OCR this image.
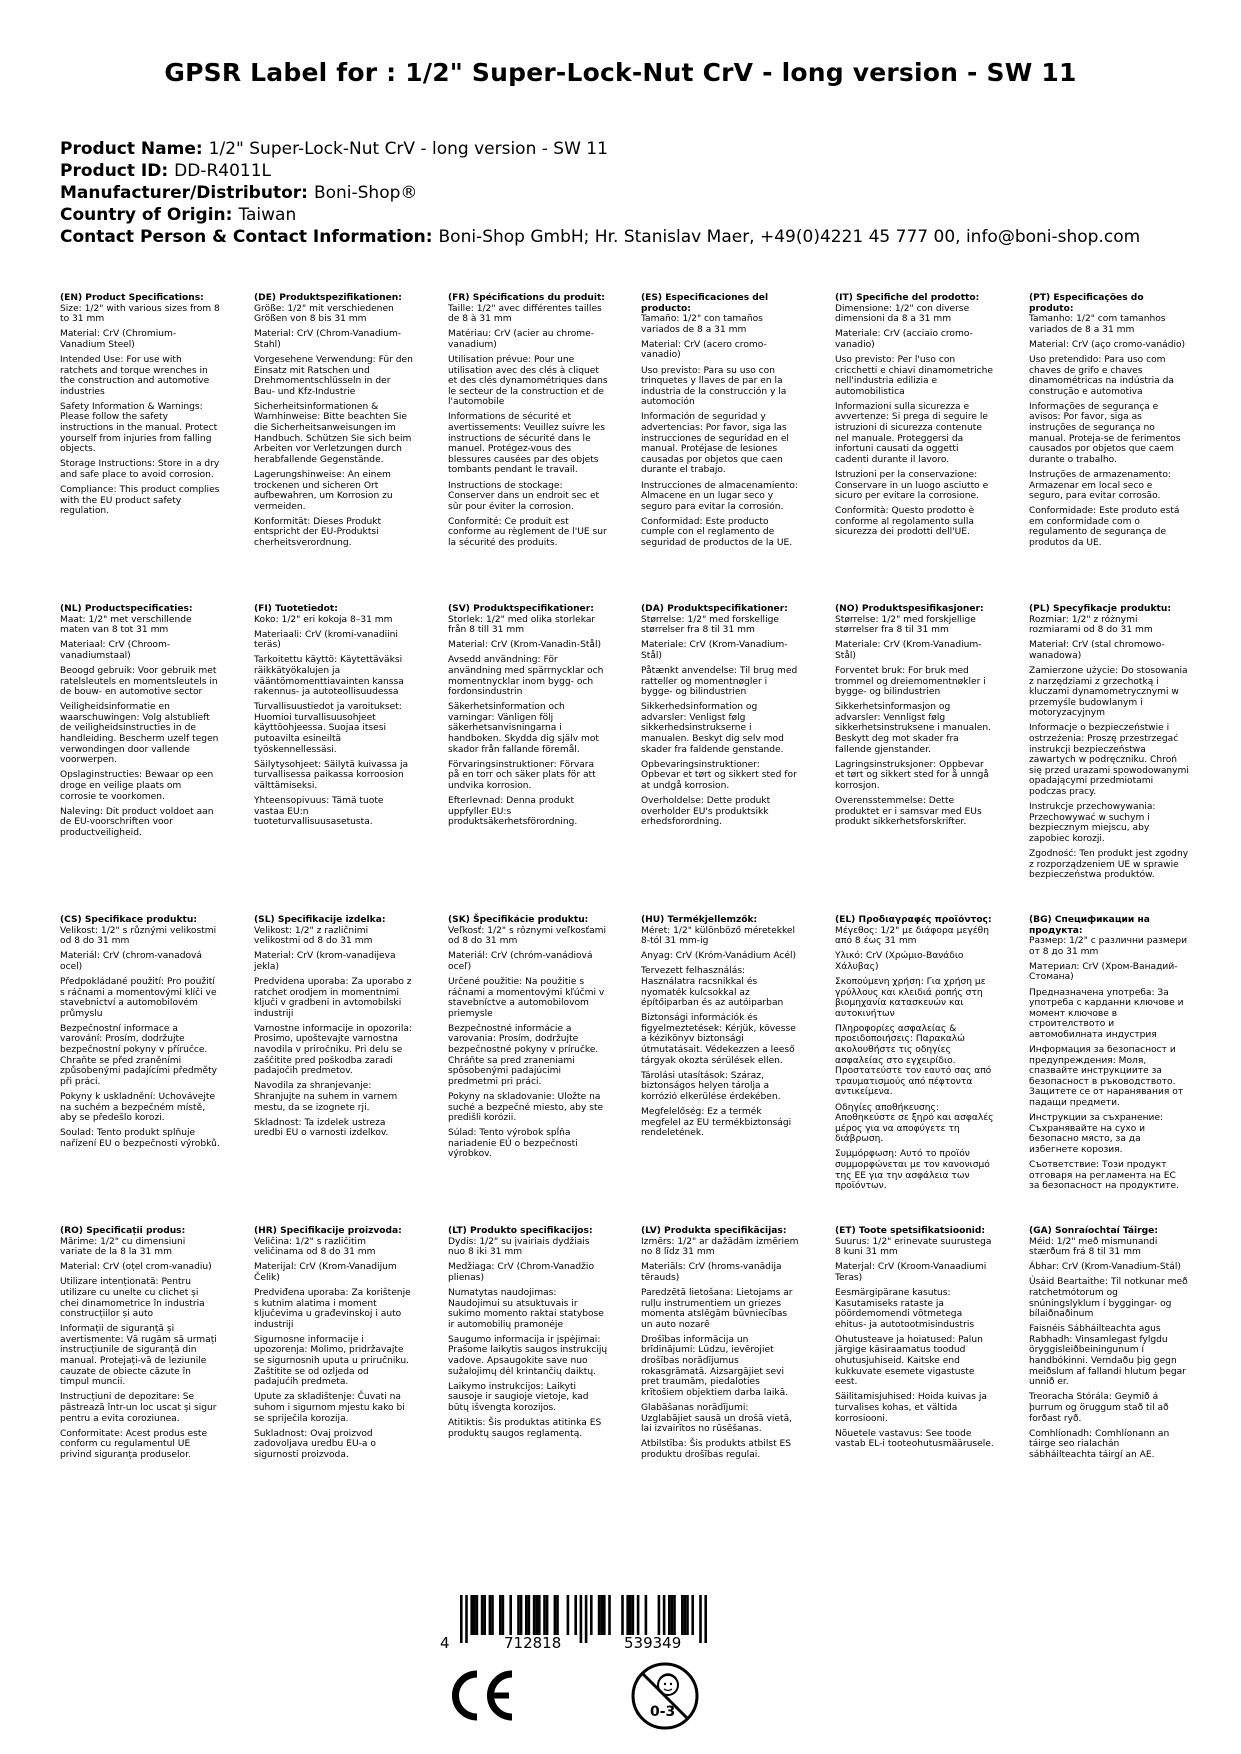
GPSR Label for : 1/2" Super-Lock-Nut CrV - long version - SW 11
Product Name: 1/2" Super-Lock-Nut CrV - long version - SW 11
Product ID: DD-R4011L
Manufacturer/Distributor: Boni-Shop®
Country of Origin: Taiwan
Contact Person & Contact Information: Boni-Shop GmbH; Hr. Stanislav Maer, +49(0)4221 45 777 00, info@boni-shop.com
(EN) Product Specifications:

Size: 1/2" with various sizes from 8 to 31 mm

Material: CrV (Chromium-Vanadium Steel)

Intended Use: For use with ratchets and torque wrenches in the construction and automotive industries

Safety Information & Warnings: Please follow the safety instructions in the manual. Protect yourself from injuries from falling objects.

Storage Instructions: Store in a dry and safe place to avoid corrosion.

Compliance: This product complies with the EU product safety regulation.

(DE) Produktspezifikationen:

Größe: 1/2" mit verschiedenen Größen von 8 bis 31 mm

Material: CrV (Chrom-Vanadium-Stahl)

Vorgesehene Verwendung: Für den Einsatz mit Ratschen und Drehmomentschlüsseln in der Bau- und Kfz-Industrie

Sicherheitsinformationen & Warnhinweise: Bitte beachten Sie die Sicherheitsanweisungen im Handbuch. Schützen Sie sich beim Arbeiten vor Verletzungen durch herabfallende Gegenstände.

Lagerungshinweise: An einem trockenen und sicheren Ort aufbewahren, um Korrosion zu vermeiden.

Konformität: Dieses Produkt entspricht der EU-Produktsi cherheitsverordnung.

(FR) Spécifications du produit:

Taille: 1/2" avec différentes tailles de 8 à 31 mm

Matériau: CrV (acier au chrome-vanadium)

Utilisation prévue: Pour une utilisation avec des clés à cliquet et des clés dynamométriques dans le secteur de la construction et de l'automobile

Informations de sécurité et avertissements: Veuillez suivre les instructions de sécurité dans le manuel. Protégez-vous des blessures causées par des objets tombants pendant le travail.

Instructions de stockage: Conserver dans un endroit sec et sûr pour éviter la corrosion.

Conformité: Ce produit est conforme au règlement de l'UE sur la sécurité des produits.

(ES) Especificaciones del producto:

Tamaño: 1/2" con tamaños variados de 8 a 31 mm

Material: CrV (acero cromo-vanadio)

Uso previsto: Para su uso con trinquetes y llaves de par en la industria de la construcción y la automoción

Información de seguridad y advertencias: Por favor, siga las instrucciones de seguridad en el manual. Protéjase de lesiones causadas por objetos que caen durante el trabajo.

Instrucciones de almacenamiento: Almacene en un lugar seco y seguro para evitar la corrosión.

Conformidad: Este producto cumple con el reglamento de seguridad de productos de la UE.

(IT) Specifiche del prodotto:

Dimensione: 1/2" con diverse dimensioni da 8 a 31 mm

Materiale: CrV (acciaio cromo-vanadio)

Uso previsto: Per l'uso con cricchetti e chiavi dinamometriche nell'industria edilizia e automobilistica

Informazioni sulla sicurezza e avvertenze: Si prega di seguire le istruzioni di sicurezza contenute nel manuale. Proteggersi da infortuni causati da oggetti cadenti durante il lavoro.

Istruzioni per la conservazione: Conservare in un luogo asciutto e sicuro per evitare la corrosione.

Conformità: Questo prodotto è conforme al regolamento sulla sicurezza dei prodotti dell'UE.

(PT) Especificações do produto:

Tamanho: 1/2" com tamanhos variados de 8 a 31 mm

Material: CrV (aço cromo-vanádio)

Uso pretendido: Para uso com chaves de grifo e chaves dinamométricas na indústria da construção e automotiva

Informações de segurança e avisos: Por favor, siga as instruções de segurança no manual. Proteja-se de ferimentos causados por objetos que caem durante o trabalho.

Instruções de armazenamento: Armazenar em local seco e seguro, para evitar corrosão.

Conformidade: Este produto está em conformidade com o regulamento de segurança de produtos da UE.

(NL) Productspecificaties:

Maat: 1/2" met verschillende maten van 8 tot 31 mm

Materiaal: CrV (Chroom-vanadiumstaal)

Beoogd gebruik: Voor gebruik met ratelsleutels en momentsleutels in de bouw- en automotive sector

Veiligheidsinformatie en waarschuwingen: Volg alstublieft de veiligheidsinstructies in de handleiding. Bescherm uzelf tegen verwondingen door vallende voorwerpen.

Opslaginstructies: Bewaar op een droge en veilige plaats om corrosie te voorkomen.

Naleving: Dit product voldoet aan de EU-voorschriften voor productveiligheid.

(FI) Tuotetiedot:

Koko: 1/2" eri kokoja 8–31 mm

Materiaali: CrV (kromi-vanadiini teräs)

Tarkoitettu käyttö: Käytettäväksi räikkätyökalujen ja vääntömomenttiavainten kanssa rakennus- ja autoteollisuudessa

Turvallisuustiedot ja varoitukset: Huomioi turvallisuusohjeet käyttöohjeessa. Suojaa itsesi putoavilta esineiltä työskennellessäsi.

Säilytysohjeet: Säilytä kuivassa ja turvallisessa paikassa korroosion välttämiseksi.

Yhteensopivuus: Tämä tuote vastaa EU:n tuoteturvallisuusasetusta.

(SV) Produktspecifikationer:

Storlek: 1/2" med olika storlekar från 8 till 31 mm

Material: CrV (Krom-Vanadin-Stål)

Avsedd användning: För användning med spärrnycklar och momentnycklar inom bygg- och fordonsindustrin

Säkerhetsinformation och varningar: Vänligen följ säkerhetsanvisningarna i handboken. Skydda dig själv mot skador från fallande föremål.

Förvaringsinstruktioner: Förvara på en torr och säker plats för att undvika korrosion.

Efterlevnad: Denna produkt uppfyller EU:s produktsäkerhetsförordning.

(DA) Produktspecifikationer:

Størrelse: 1/2" med forskellige størrelser fra 8 til 31 mm

Materiale: CrV (Krom-Vanadium-Stål)

Påtænkt anvendelse: Til brug med ratteller og momentnøgler i bygge- og bilindustrien

Sikkerhedsinformation og advarsler: Venligst følg sikkerhedsinstrukserne i manualen. Beskyt dig selv mod skader fra faldende genstande.

Opbevaringsinstruktioner: Opbevar et tørt og sikkert sted for at undgå korrosion.

Overholdelse: Dette produkt overholder EU's produktsikk erhedsforordning.

(NO) Produktspesifikasjoner:

Størrelse: 1/2" med forskjellige størrelser fra 8 til 31 mm

Materiale: CrV (Krom-Vanadium-Stål)

Forventet bruk: For bruk med trommel og dreiemomentnøkler i bygge- og bilindustrien

Sikkerhetsinformasjon og advarsler: Vennligst følg sikkerhetsinstruksene i manualen. Beskytt deg mot skader fra fallende gjenstander.

Lagringsinstruksjoner: Oppbevar et tørt og sikkert sted for å unngå korrosjon.

Overensstemmelse: Dette produktet er i samsvar med EUs produkt sikkerhetsforskrifter.

(PL) Specyfikacje produktu:

Rozmiar: 1/2" z różnymi rozmiarami od 8 do 31 mm

Materiał: CrV (stal chromowo-wanadowa)

Zamierzone użycie: Do stosowania z narzędziami z grzechotką i kluczami dynamometrycznymi w przemyśle budowlanym i motoryzacyjnym

Informacje o bezpieczeństwie i ostrzeżenia: Proszę przestrzegać instrukcji bezpieczeństwa zawartych w podręczniku. Chroń się przed urazami spowodowanymi opadającymi przedmiotami podczas pracy.

Instrukcje przechowywania: Przechowywać w suchym i bezpiecznym miejscu, aby zapobiec korozji.

Zgodność: Ten produkt jest zgodny z rozporządzeniem UE w sprawie bezpieczeństwa produktów.

(CS) Specifikace produktu:

Velikost: 1/2" s různými velikostmi od 8 do 31 mm

Materiál: CrV (chrom-vanadová ocel)

Předpokládané použití: Pro použití s ráčnami a momentovými klíči ve stavebnictví a automobilovém průmyslu

Bezpečnostní informace a varování: Prosím, dodržujte bezpečnostní pokyny v příručce. Chraňte se před zraněními způsobenými padajícími předměty při práci.

Pokyny k uskladnění: Uchovávejte na suchém a bezpečném místě, aby se předešlo korozi.

Soulad: Tento produkt splňuje nařízení EU o bezpečnosti výrobků.

(SL) Specifikacije izdelka:

Velikost: 1/2" z različnimi velikostmi od 8 do 31 mm

Material: CrV (krom-vanadijeva jekla)

Predvidena uporaba: Za uporabo z ratchet orodjem in momentnimi ključi v gradbeni in avtomobilski industriji

Varnostne informacije in opozorila: Prosimo, upoštevajte varnostna navodila v priročniku. Pri delu se zaščitite pred poškodba zaradi padajočih predmetov.

Navodila za shranjevanje: Shranjujte na suhem in varnem mestu, da se izognete rji.

Skladnost: Ta izdelek ustreza uredbi EU o varnosti izdelkov.

(SK) Špecifikácie produktu:

Veľkosť: 1/2" s rôznymi veľkosťami od 8 do 31 mm

Materiál: CrV (chróm-vanádiová oceľ)

Určené použitie: Na použitie s ráčnami a momentovými kľúčmi v stavebníctve a automobilovom priemysle

Bezpečnostné informácie a varovania: Prosím, dodržujte bezpečnostné pokyny v príručke. Chráňte sa pred zraneniami spôsobenými padajúcimi predmetmi pri práci.

Pokyny na skladovanie: Uložte na suché a bezpečné miesto, aby ste predišli korózii.

Súlad: Tento výrobok spĺňa nariadenie EÚ o bezpečnosti výrobkov.

(HU) Termékjellemzők:

Méret: 1/2" különböző méretekkel 8-tól 31 mm-ig

Anyag: CrV (Króm-Vanádium Acél)

Tervezett felhasználás: Használatra racsnikkal és nyomaték kulcsokkal az építőiparban és az autóiparban

Biztonsági információk és figyelmeztetések: Kérjük, kövesse a kézikönyv biztonsági útmutatásait. Védekezzen a leeső tárgyak okozta sérülések ellen.

Tárolási utasítások: Száraz, biztonságos helyen tárolja a korrózió elkerülése érdekében.

Megfelelőség: Ez a termék megfelel az EU termékbiztonsági rendeletének.

(EL) Προδιαγραφές προϊόντος:

Μέγεθος: 1/2" με διάφορα μεγέθη από 8 έως 31 mm

Υλικό: CrV (Χρώμιο-Βανάδιο Χάλυβας)

Σκοπούμενη χρήση: Για χρήση με γρύλλους και κλειδιά ροπής στη βιομηχανία κατασκευών και αυτοκινήτων

Πληροφορίες ασφαλείας & προειδοποιήσεις: Παρακαλώ ακολουθήστε τις οδηγίες ασφαλείας στο εγχειρίδιο. Προστατεύστε τον εαυτό σας από τραυματισμούς από πέφτοντα αντικείμενα.

Οδηγίες αποθήκευσης: Αποθηκεύστε σε ξηρό και ασφαλές μέρος για να αποφύγετε τη διάβρωση.

Συμμόρφωση: Αυτό το προϊόν συμμορφώνεται με τον κανονισμό της ΕΕ για την ασφάλεια των προϊόντων.

(BG) Спецификации на продукта:

Размер: 1/2" с различни размери от 8 до 31 mm

Материал: CrV (Хром-Ванадий-Стомана)

Предназначена употреба: За употреба с карданни ключове и момент ключове в строителството и автомобилната индустрия

Информация за безопасност и предупреждения: Моля, спазвайте инструкциите за безопасност в ръководството. Защитете се от наранявания от падащи предмети.

Инструкции за съхранение: Съхранявайте на сухо и безопасно място, за да избегнете корозия.

Съответствие: Този продукт отговаря на регламента на ЕС за безопасност на продуктите.

(RO) Specificații produs:

Mărime: 1/2" cu dimensiuni variate de la 8 la 31 mm

Material: CrV (oțel crom-vanadiu)

Utilizare intenționată: Pentru utilizare cu unelte cu clichet și chei dinamometrice în industria construcțiilor și auto

Informații de siguranță și avertismente: Vă rugăm să urmați instrucțiunile de siguranță din manual. Protejați-vă de leziunile cauzate de obiecte căzute în timpul muncii.

Instrucțiuni de depozitare: Se păstrează într-un loc uscat și sigur pentru a evita coroziunea.

Conformitate: Acest produs este conform cu regulamentul UE privind siguranța produselor.

(HR) Specifikacije proizvoda:

Veličina: 1/2" s različitim veličinama od 8 do 31 mm

Materijal: CrV (Krom-Vanadijum Čelik)

Predviđena uporaba: Za korištenje s kutnim alatima i moment ključevima u građevinskoj i auto industriji

Sigurnosne informacije i upozorenja: Molimo, pridržavajte se sigurnosnih uputa u priručniku. Zaštitite se od ozljeda od padajućih predmeta.

Upute za skladištenje: Čuvati na suhom i sigurnom mjestu kako bi se spriječila korozija.

Sukladnost: Ovaj proizvod zadovoljava uredbu EU-a o sigurnosti proizvoda.

(LT) Produkto specifikacijos:

Dydis: 1/2" su įvairiais dydžiais nuo 8 iki 31 mm

Medžiaga: CrV (Chrom-Vanadžio plienas)

Numatytas naudojimas: Naudojimui su atsuktuvais ir sukimo momento raktai statybose ir automobilių pramonėje

Saugumo informacija ir įspėjimai: Prašome laikytis saugos instrukcijų vadove. Apsaugokite save nuo sužalojimų dėl krintančių daiktų.

Laikymo instrukcijos: Laikyti sausoje ir saugioje vietoje, kad būtų išvengta korozijos.

Atitiktis: Šis produktas atitinka ES produktų saugos reglamentą.

(LV) Produkta specifikācijas:

Izmērs: 1/2" ar dažādām izmēriem no 8 līdz 31 mm

Materiāls: CrV (hroms-vanādija tērauds)

Paredzētā lietošana: Lietojams ar rulļu instrumentiem un griezes momenta atslēgām būvniecības un auto nozarē

Drošības informācija un brīdinājumi: Lūdzu, ievērojiet drošības norādījumus rokasgrāmatā. Aizsargājiet sevi pret traumām, piedaloties krītošiem objektiem darba laikā.

Glabāšanas norādījumi: Uzglabājiet sausā un drošā vietā, lai izvairītos no rūsēšanas.

Atbilstība: Šis produkts atbilst ES produktu drošības regulai.

(ET) Toote spetsifikatsioonid:

Suurus: 1/2" erinevate suurustega 8 kuni 31 mm

Materjal: CrV (Kroom-Vanaadiumi Teras)

Eesmärgipärane kasutus: Kasutamiseks rataste ja pöördemomendi võtmetega ehitus- ja autotootmisindustris

Ohutusteave ja hoiatused: Palun järgige käsiraamatus toodud ohutusjuhiseid. Kaitske end kukkuvate esemete vigastuste eest.

Säilitamisjuhised: Hoida kuivas ja turvalises kohas, et vältida korrosiooni.

Nõuetele vastavus: See toode vastab EL-i tooteohutusmäärusele.

(GA) Sonraíochtaí Táirge:

Méid: 1/2" með mismunandi stærðum frá 8 til 31 mm

Ábhar: CrV (Krom-Vanadium-Stál)

Úsáid Beartaithe: Til notkunar með ratchetmótorum og snúningslyklum í byggingar- og bílaiðnaðinum

Faisnéis Sábháilteachta agus Rabhadh: Vinsamlegast fylgdu öryggisleiðbeiningunum í handbókinni. Verndaðu þig gegn meiðslum af fallandi hlutum þegar unnið er.

Treoracha Stórála: Geymið á þurrum og öruggum stað til að forðast ryð.

Comhlíonadh: Comhlíonann an táirge seo rialachán sábháilteachta táirgí an AE.

4	712818	539349
0-3
